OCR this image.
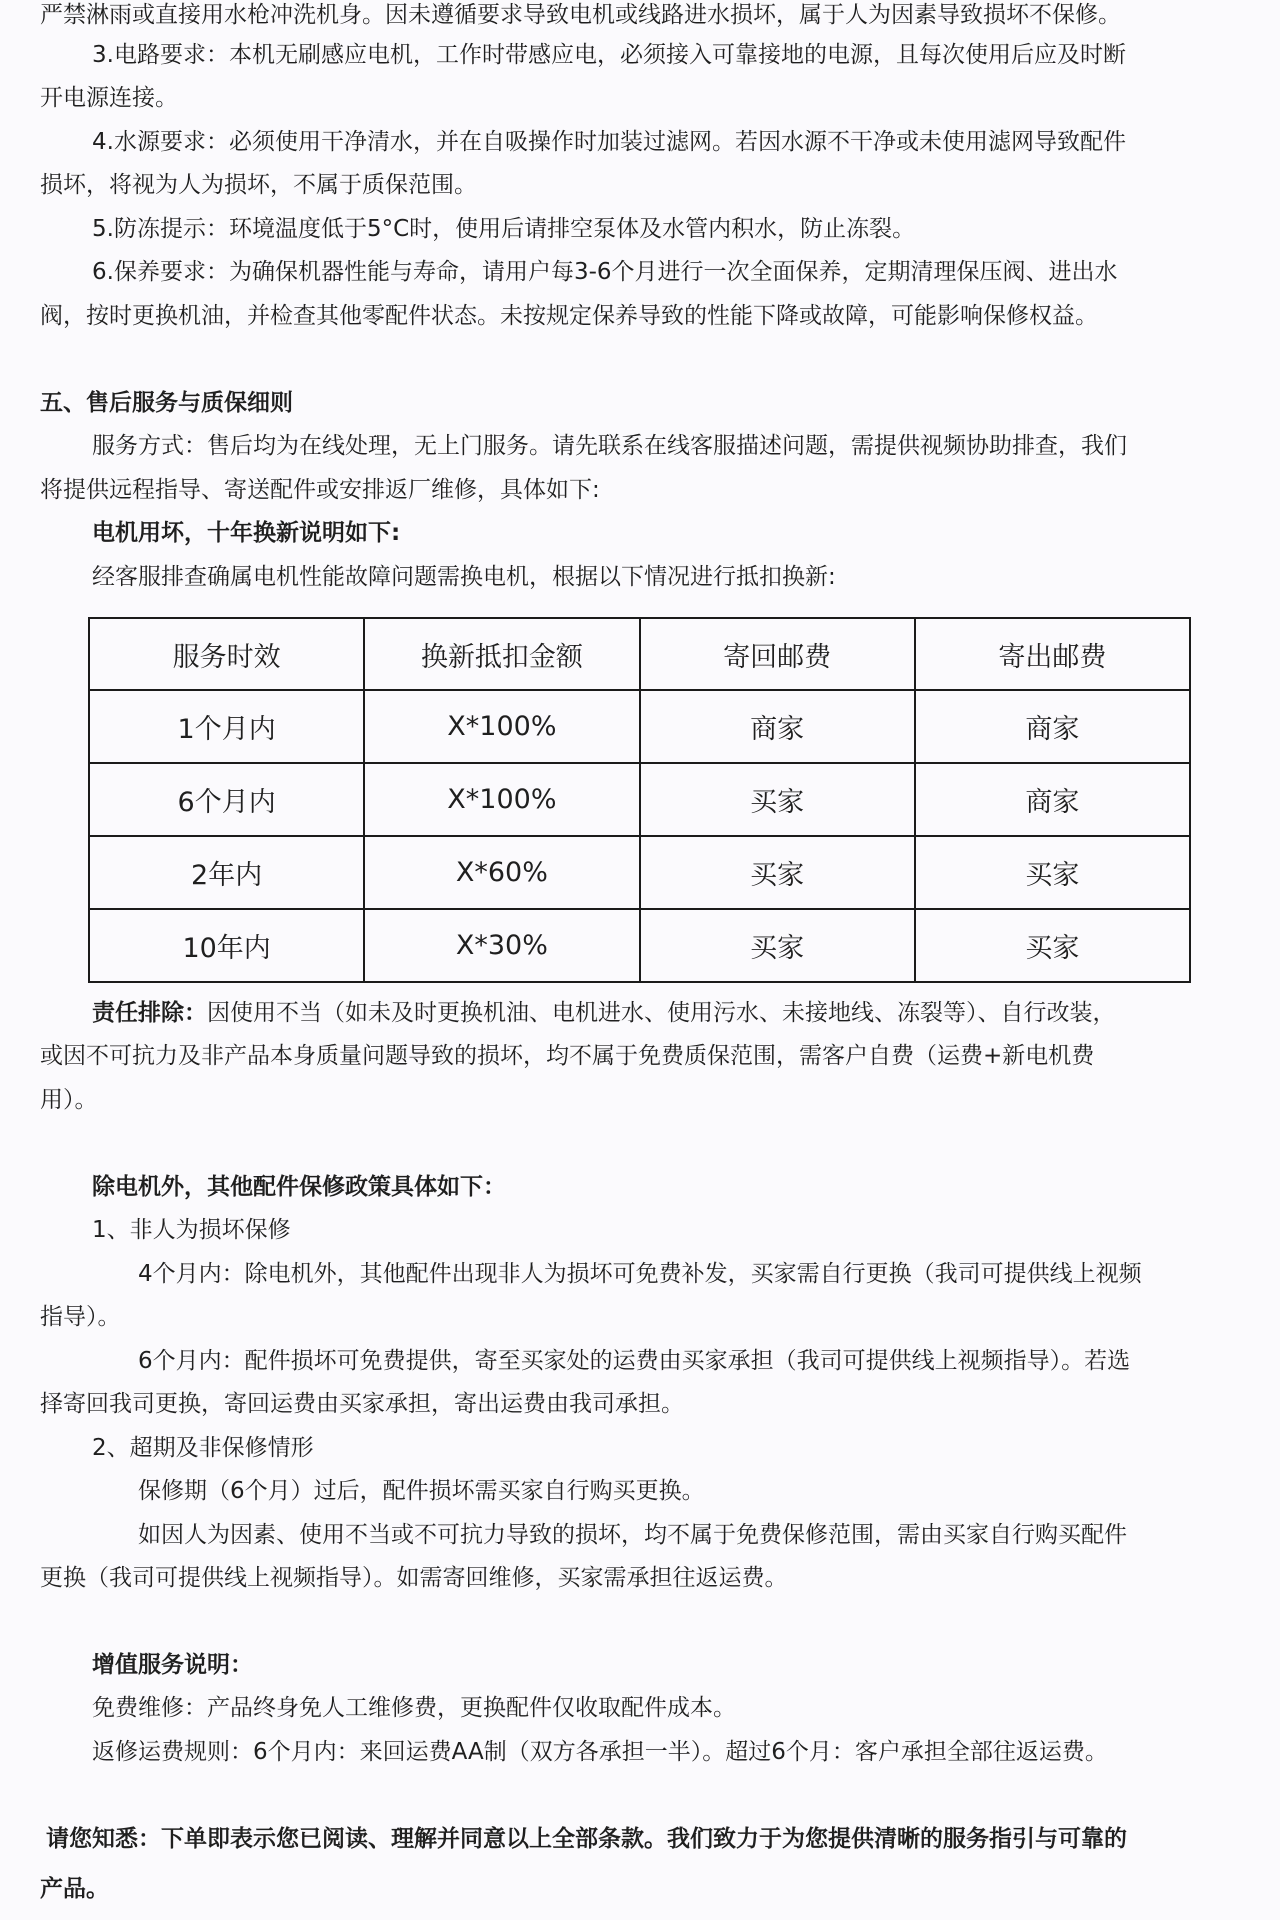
严禁淋雨或直接用水枪冲洗机身。因未遵循要求导致电机或线路进水损坏，属于人为因素导致损坏不保修。
3.电路要求：本机无刷感应电机，工作时带感应电，必须接入可靠接地的电源，且每次使用后应及时断
开电源连接。
4.水源要求：必须使用干净清水，并在自吸操作时加装过滤网。若因水源不干净或未使用滤网导致配件
损坏，将视为人为损坏，不属于质保范围。
5.防冻提示：环境温度低于5°C时，使用后请排空泵体及水管内积水，防止冻裂。
6.保养要求：为确保机器性能与寿命，请用户每3-6个月进行一次全面保养，定期清理保压阀、进出水
阀，按时更换机油，并检查其他零配件状态。未按规定保养导致的性能下降或故障，可能影响保修权益。
五、售后服务与质保细则
服务方式：售后均为在线处理，无上门服务。请先联系在线客服描述问题，需提供视频协助排查，我们
将提供远程指导、寄送配件或安排返厂维修，具体如下:
电机用坏，十年换新说明如下:
经客服排查确属电机性能故障问题需换电机，根据以下情况进行抵扣换新:
服务时效	换新抵扣金额	寄回邮费	寄出邮费
1个月内	X*100%	商家	商家
6个月内	X*100%	买家	商家
2年内	X*60%	买家	买家
10年内	X*30%	买家	买家
责任排除：因使用不当（如未及时更换机油、电机进水、使用污水、未接地线、冻裂等）、自行改装，
或因不可抗力及非产品本身质量问题导致的损坏，均不属于免费质保范围，需客户自费（运费+新电机费
用）。
除电机外，其他配件保修政策具体如下：
1、非人为损坏保修
4个月内：除电机外，其他配件出现非人为损坏可免费补发，买家需自行更换（我司可提供线上视频
指导）。
6个月内：配件损坏可免费提供，寄至买家处的运费由买家承担（我司可提供线上视频指导）。若选
择寄回我司更换，寄回运费由买家承担，寄出运费由我司承担。
2、超期及非保修情形
保修期（6个月）过后，配件损坏需买家自行购买更换。
如因人为因素、使用不当或不可抗力导致的损坏，均不属于免费保修范围，需由买家自行购买配件
更换（我司可提供线上视频指导）。如需寄回维修，买家需承担往返运费。
增值服务说明：
免费维修：产品终身免人工维修费，更换配件仅收取配件成本。
返修运费规则：6个月内：来回运费AA制（双方各承担一半）。超过6个月：客户承担全部往返运费。
请您知悉：下单即表示您已阅读、理解并同意以上全部条款。我们致力于为您提供清晰的服务指引与可靠的
产品。
